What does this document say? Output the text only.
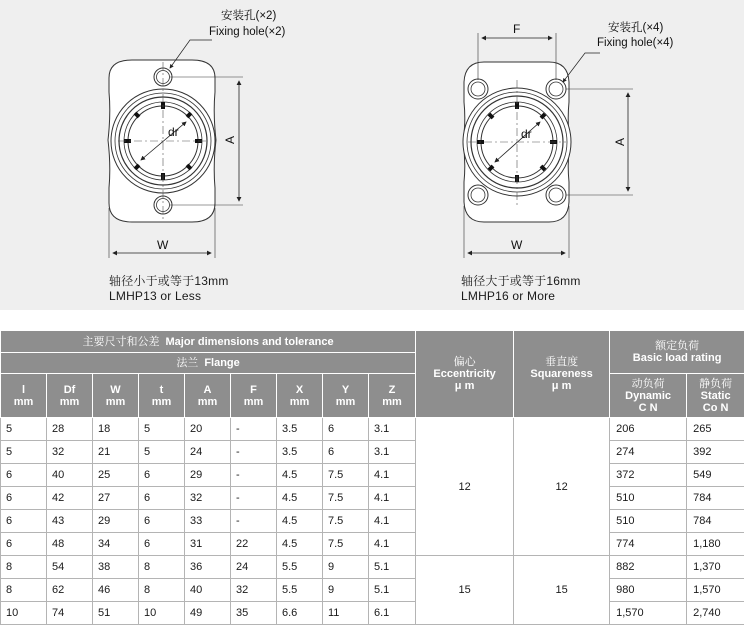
dr
A
W
安装孔(×2)
Fixing hole(×2)
dr
F
A
W
安装孔(×4)
Fixing hole(×4)
轴径小于或等于13mm
LMHP13 or Less
轴径大于或等于16mm
LMHP16 or More
主要尺寸和公差 Major dimensions and tolerance									偏心
Eccentricity
μ m	垂直度
Squareness
μ m	额定负荷
Basic load rating	

法兰 Flange												

l
mm	Df
mm	W
mm	t
mm	A
mm	F
mm	X
mm	Y
mm	Z
mm			动负荷
Dynamic
C N	静负荷
Static
Co N

5	28	18	5	20	-	3.5	6	3.1	12	12	206	265
5	32	21	5	24	-	3.5	6	3.1			274	392
6	40	25	6	29	-	4.5	7.5	4.1			372	549
6	42	27	6	32	-	4.5	7.5	4.1			510	784
6	43	29	6	33	-	4.5	7.5	4.1			510	784
6	48	34	6	31	22	4.5	7.5	4.1			774	1,180
8	54	38	8	36	24	5.5	9	5.1	15	15	882	1,370
8	62	46	8	40	32	5.5	9	5.1			980	1,570
10	74	51	10	49	35	6.6	11	6.1			1,570	2,740
